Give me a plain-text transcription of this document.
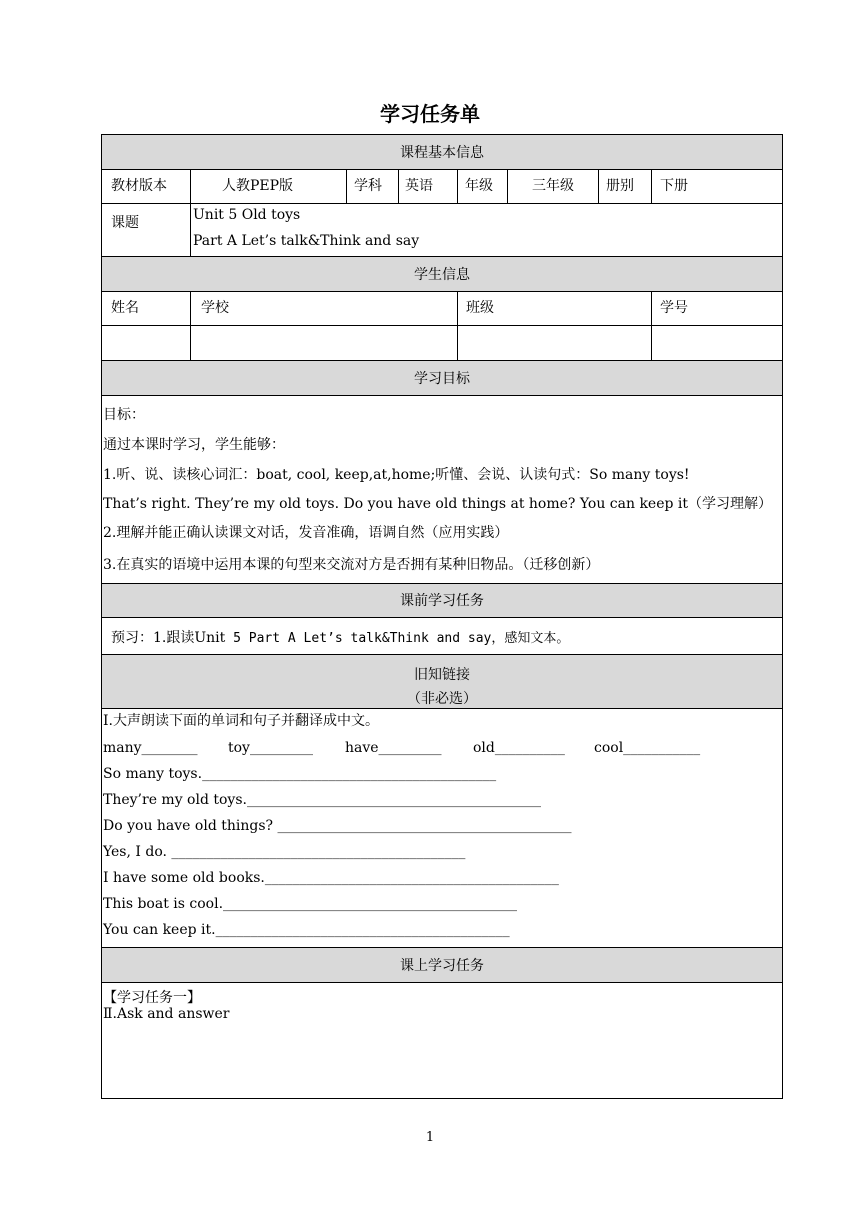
学习任务单
课程基本信息
教材版本	人教PEP版	学科	英语	年级	三年级	册别	下册
课题	Unit 5 Old toys
Part A Let’s talk&Think and say
学生信息
姓名	学校	班级	学号
学习目标
目标：
通过本课时学习，学生能够：
1.听、说、读核心词汇：boat, cool, keep,at,home;听懂、会说、认读句式：So many toys!
That’s right. They’re my old toys. Do you have old things at home? You can keep it（学习理解）
2.理解并能正确认读课文对话，发音准确，语调自然（应用实践）
3.在真实的语境中运用本课的句型来交流对方是否拥有某种旧物品。（迁移创新）
课前学习任务
预习：1.跟读Unit 5 Part A Let’s talk&Think and say，感知文本。
旧知链接
（非必选）
I.大声朗读下面的单词和句子并翻译成中文。
many________ toy_________ have_________ old__________ cool___________
So many toys.__________________________________________
They’re my old toys.__________________________________________
Do you have old things? __________________________________________
Yes, I do. __________________________________________
I have some old books.__________________________________________
This boat is cool.__________________________________________
You can keep it.__________________________________________
课上学习任务
【学习任务一】
Ⅱ.Ask and answer
1
